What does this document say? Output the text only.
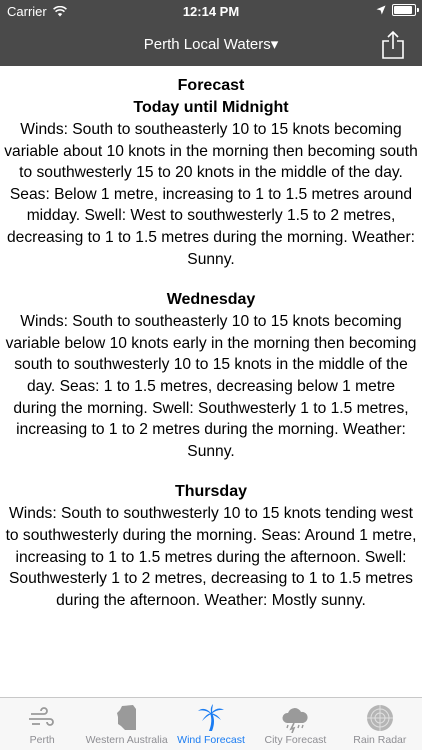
Carrier	12:14 PM
Perth Local Waters▾
Forecast
Today until Midnight

Winds: South to southeasterly 10 to 15 knots becoming variable about 10 knots in the morning then becoming south to southwesterly 15 to 20 knots in the middle of the day. Seas: Below 1 metre, increasing to 1 to 1.5 metres around midday. Swell: West to southwesterly 1.5 to 2 metres, decreasing to 1 to 1.5 metres during the morning. Weather: Sunny.

Wednesday

Winds: South to southeasterly 10 to 15 knots becoming variable below 10 knots early in the morning then becoming south to southwesterly 10 to 15 knots in the middle of the day. Seas: 1 to 1.5 metres, decreasing below 1 metre during the morning. Swell: Southwesterly 1 to 1.5 metres, increasing to 1 to 2 metres during the morning. Weather: Sunny.

Thursday

Winds: South to southwesterly 10 to 15 knots tending west to southwesterly during the morning. Seas: Around 1 metre, increasing to 1 to 1.5 metres during the afternoon. Swell: Southwesterly 1 to 2 metres, decreasing to 1 to 1.5 metres during the afternoon. Weather: Mostly sunny.

Perth	Western Australia Wind Forecast	City Forecast	Rain Radar
